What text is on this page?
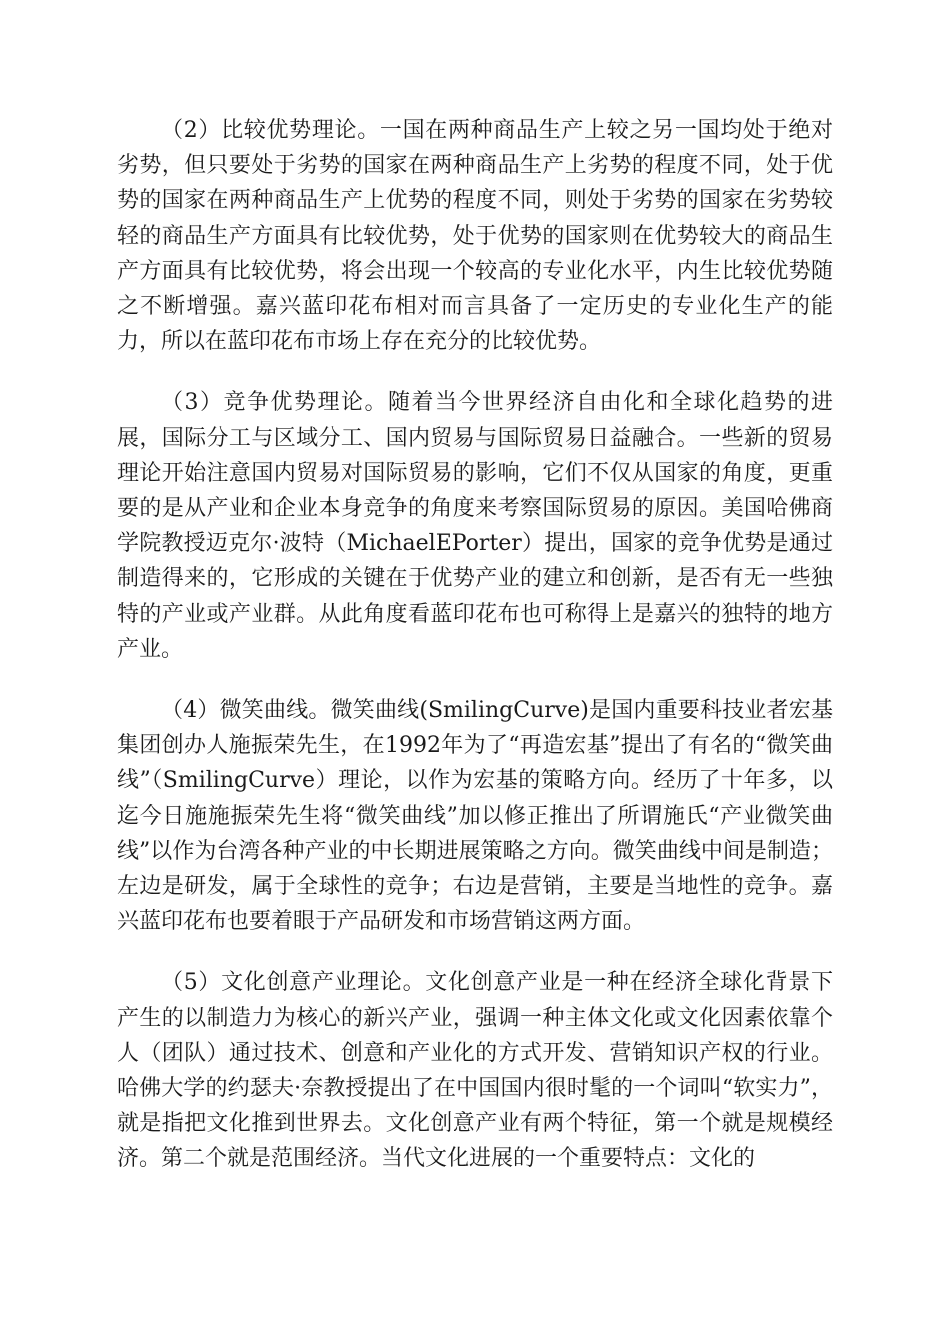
（2）比较优势理论。一国在两种商品生产上较之另一国均处于绝对劣势，但只要处于劣势的国家在两种商品生产上劣势的程度不同，处于优势的国家在两种商品生产上优势的程度不同，则处于劣势的国家在劣势较轻的商品生产方面具有比较优势，处于优势的国家则在优势较大的商品生产方面具有比较优势，将会出现一个较高的专业化水平，内生比较优势随之不断增强。嘉兴蓝印花布相对而言具备了一定历史的专业化生产的能力，所以在蓝印花布市场上存在充分的比较优势。

（3）竞争优势理论。随着当今世界经济自由化和全球化趋势的进展，国际分工与区域分工、国内贸易与国际贸易日益融合。一些新的贸易理论开始注意国内贸易对国际贸易的影响，它们不仅从国家的角度，更重要的是从产业和企业本身竞争的角度来考察国际贸易的原因。美国哈佛商学院教授迈克尔·波特（MichaelEPorter）提出，国家的竞争优势是通过制造得来的，它形成的关键在于优势产业的建立和创新，是否有无一些独特的产业或产业群。从此角度看蓝印花布也可称得上是嘉兴的独特的地方产业。

（4）微笑曲线。微笑曲线(SmilingCurve)是国内重要科技业者宏基集团创办人施振荣先生，在1992年为了“再造宏基”提出了有名的“微笑曲线”（SmilingCurve）理论，以作为宏基的策略方向。经历了十年多，以迄今日施施振荣先生将“微笑曲线”加以修正推出了所谓施氏“产业微笑曲线”以作为台湾各种产业的中长期进展策略之方向。微笑曲线中间是制造；左边是研发，属于全球性的竞争；右边是营销，主要是当地性的竞争。嘉兴蓝印花布也要着眼于产品研发和市场营销这两方面。

（5）文化创意产业理论。文化创意产业是一种在经济全球化背景下产生的以制造力为核心的新兴产业，强调一种主体文化或文化因素依靠个人（团队）通过技术、创意和产业化的方式开发、营销知识产权的行业。哈佛大学的约瑟夫·奈教授提出了在中国国内很时髦的一个词叫“软实力”，就是指把文化推到世界去。文化创意产业有两个特征，第一个就是规模经济。第二个就是范围经济。当代文化进展的一个重要特点：文化的
